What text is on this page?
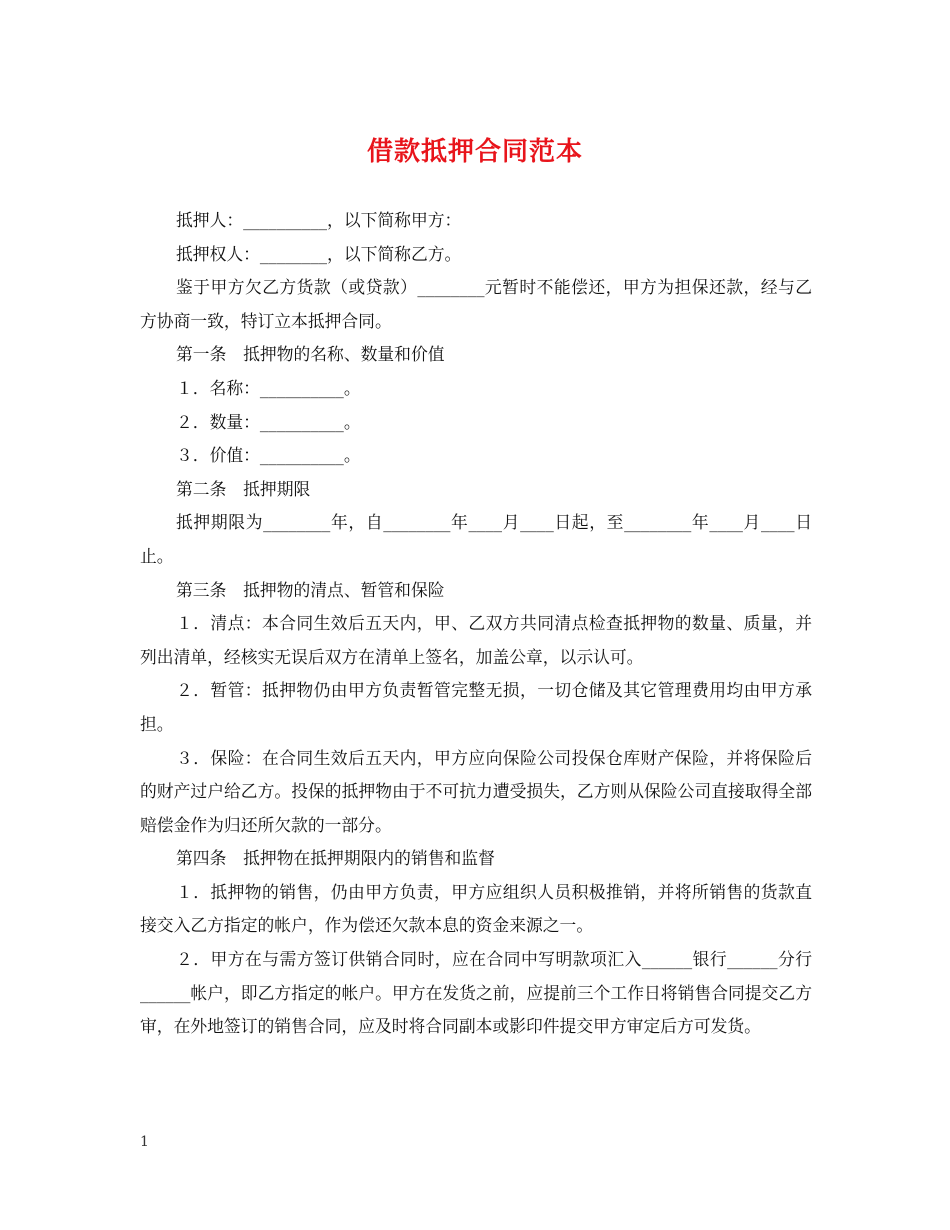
借款抵押合同范本

抵押人：__________，以下简称甲方：

抵押权人：________，以下简称乙方。

鉴于甲方欠乙方货款（或贷款）________元暂时不能偿还，甲方为担保还款，经与乙方协商一致，特订立本抵押合同。

第一条　抵押物的名称、数量和价值

１．名称：__________。

２．数量：__________。

３．价值：__________。

第二条　抵押期限

抵押期限为________年，自________年____月____日起，至________年____月____日止。

第三条　抵押物的清点、暂管和保险

１．清点：本合同生效后五天内，甲、乙双方共同清点检查抵押物的数量、质量，并列出清单，经核实无误后双方在清单上签名，加盖公章，以示认可。

２．暂管：抵押物仍由甲方负责暂管完整无损，一切仓储及其它管理费用均由甲方承担。

３．保险：在合同生效后五天内，甲方应向保险公司投保仓库财产保险，并将保险后的财产过户给乙方。投保的抵押物由于不可抗力遭受损失，乙方则从保险公司直接取得全部赔偿金作为归还所欠款的一部分。

第四条　抵押物在抵押期限内的销售和监督

１．抵押物的销售，仍由甲方负责，甲方应组织人员积极推销，并将所销售的货款直接交入乙方指定的帐户，作为偿还欠款本息的资金来源之一。

２．甲方在与需方签订供销合同时，应在合同中写明款项汇入______银行______分行______帐户，即乙方指定的帐户。甲方在发货之前，应提前三个工作日将销售合同提交乙方审，在外地签订的销售合同，应及时将合同副本或影印件提交甲方审定后方可发货。

1
